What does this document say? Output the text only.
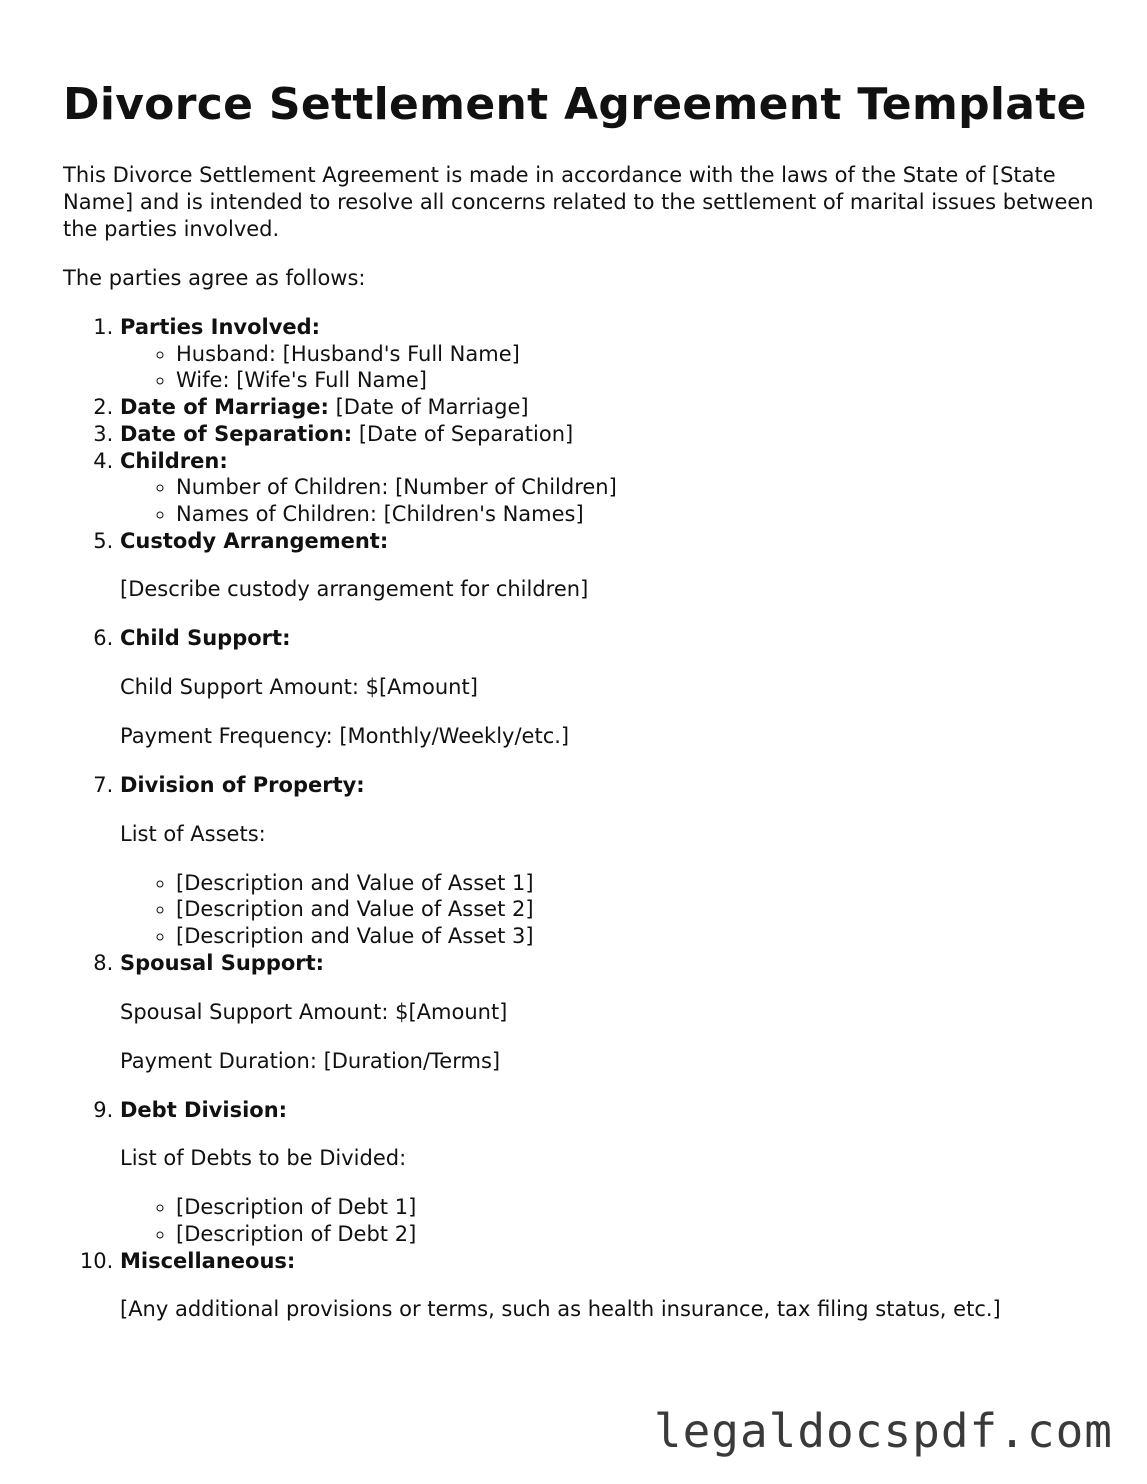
Divorce Settlement Agreement Template

This Divorce Settlement Agreement is made in accordance with the laws of the State of [State Name] and is intended to resolve all concerns related to the settlement of marital issues between the parties involved.

The parties agree as follows:

1. Parties Involved:
◦ Husband: [Husband's Full Name]
◦ Wife: [Wife's Full Name]
2. Date of Marriage: [Date of Marriage]
3. Date of Separation: [Date of Separation]
4. Children:
◦ Number of Children: [Number of Children]
◦ Names of Children: [Children's Names]
5. Custody Arrangement:

[Describe custody arrangement for children]

6. Child Support:

Child Support Amount: $[Amount]

Payment Frequency: [Monthly/Weekly/etc.]

7. Division of Property:

List of Assets:

◦ [Description and Value of Asset 1]
◦ [Description and Value of Asset 2]
◦ [Description and Value of Asset 3]
8. Spousal Support:

Spousal Support Amount: $[Amount]

Payment Duration: [Duration/Terms]

9. Debt Division:

List of Debts to be Divided:

◦ [Description of Debt 1]
◦ [Description of Debt 2]
10. Miscellaneous:

[Any additional provisions or terms, such as health insurance, tax filing status, etc.]

legaldocspdf.com
